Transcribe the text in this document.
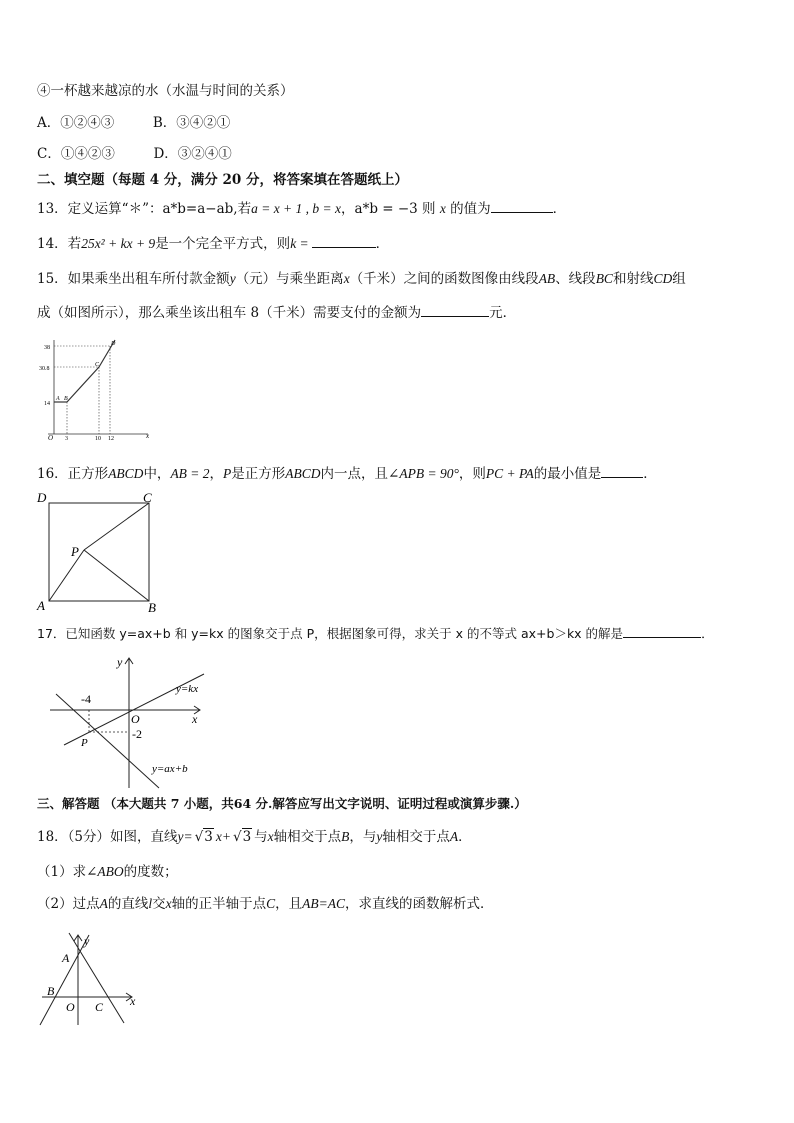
④一杯越来越凉的水（水温与时间的关系）
A．①②④③	B．③④②①
C．①④②③	D．③②④①
二、填空题（每题 4 分，满分 20 分，将答案填在答题纸上）
13．定义运算“＊”：a*b=a−ab,若a = x + 1 , b = x，a*b = −3 则 x 的值为	．
14．若25x² + kx + 9是一个完全平方式，则k =	．
15．如果乘坐出租车所付款金额y（元）与乘坐距离x（千米）之间的函数图像由线段AB、线段BC和射线CD组
成（如图所示），那么乘坐该出租车 8（千米）需要支付的金额为	元．
38
30.8
14
O 3	10 12	x
A B
C
D
16．正方形ABCD中，AB = 2，P是正方形ABCD内一点，且∠APB = 90°，则PC + PA的最小值是	．
D	C
A	B
P
17．已知函数 y=ax+b 和 y=kx 的图象交于点 P，根据图象可得，求关于 x 的不等式 ax+b＞kx 的解是	．
y
x
O
-4
-2
P
y=kx
y=ax+b
三、解答题 （本大题共 7 小题，共64 分.解答应写出文字说明、证明过程或演算步骤.）
18．（5分）如图，直线y= √3 x+ √3 与x轴相交于点B，与y轴相交于点A．
（1）求∠ABO的度数；
（2）过点A的直线l交x轴的正半轴于点C，且AB=AC，求直线的函数解析式．
A
B
C
O	x
y
